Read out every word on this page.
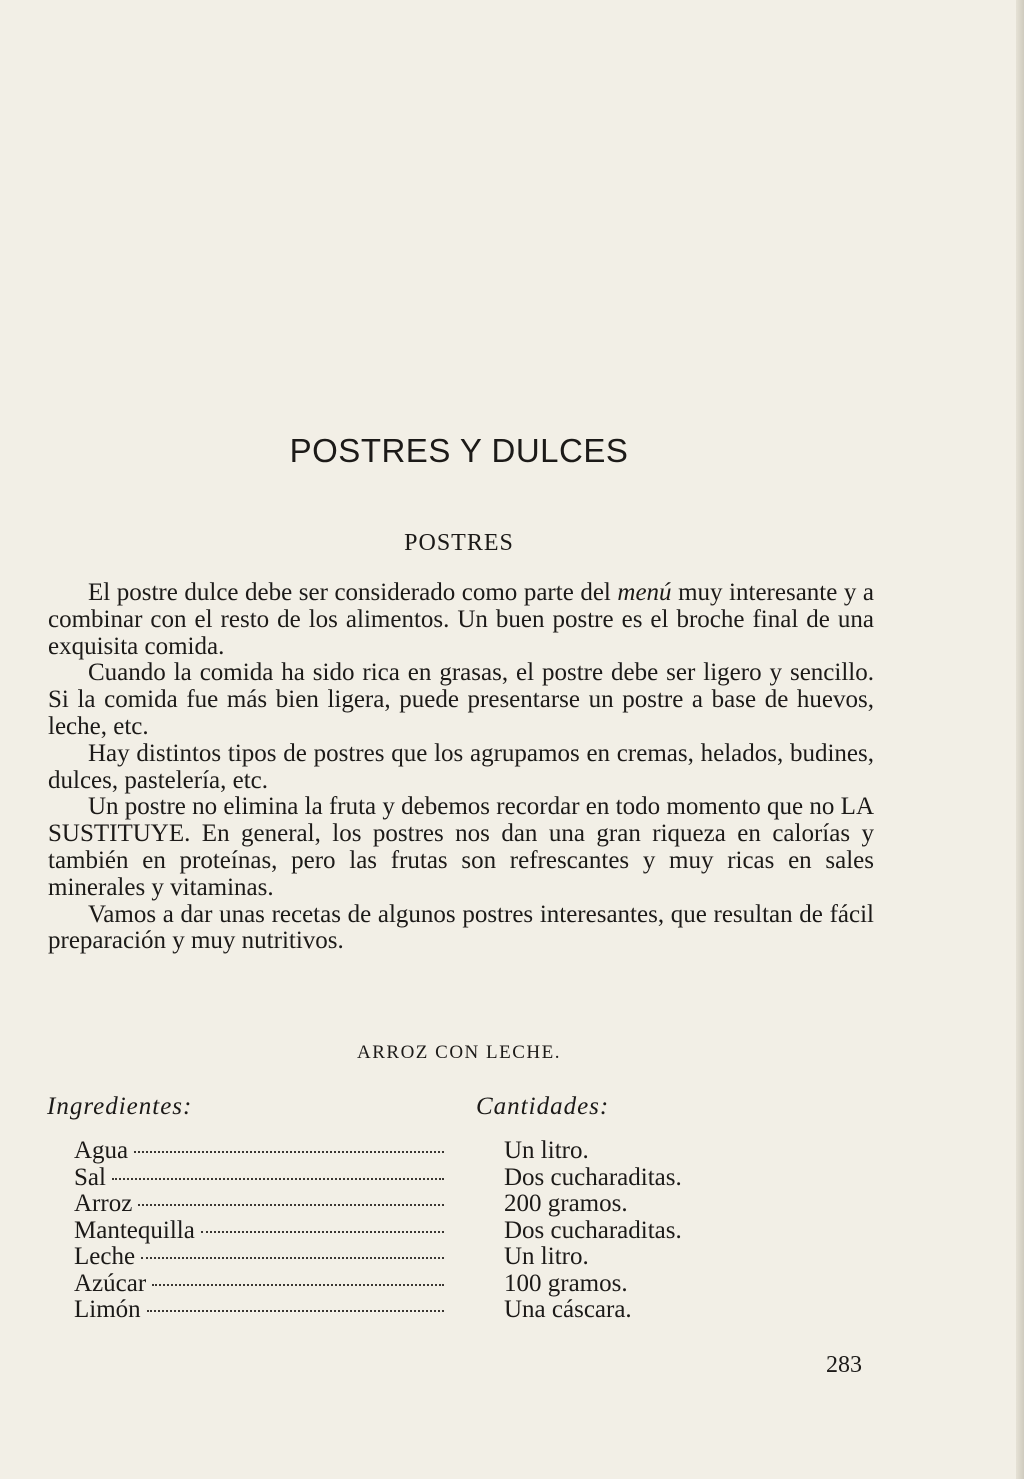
POSTRES Y DULCES
POSTRES

El postre dulce debe ser considerado como parte del menú muy interesante y a combinar con el resto de los alimentos. Un buen postre es el broche final de una exquisita comida.

Cuando la comida ha sido rica en grasas, el postre debe ser ligero y sencillo. Si la comida fue más bien ligera, puede presentarse un postre a base de huevos, leche, etc.

Hay distintos tipos de postres que los agrupamos en cremas, helados, budines, dulces, pastelería, etc.

Un postre no elimina la fruta y debemos recordar en todo momento que no LA SUSTITUYE. En general, los postres nos dan una gran riqueza en calorías y también en proteínas, pero las frutas son refrescantes y muy ricas en sales minerales y vitaminas.

Vamos a dar unas recetas de algunos postres interesantes, que resultan de fácil preparación y muy nutritivos.

ARROZ CON LECHE.
Ingredientes:	Cantidades:
Agua
Sal
Arroz
Mantequilla
Leche
Azúcar
Limón
Un litro.
Dos cucharaditas.
200 gramos.
Dos cucharaditas.
Un litro.
100 gramos.
Una cáscara.
283
